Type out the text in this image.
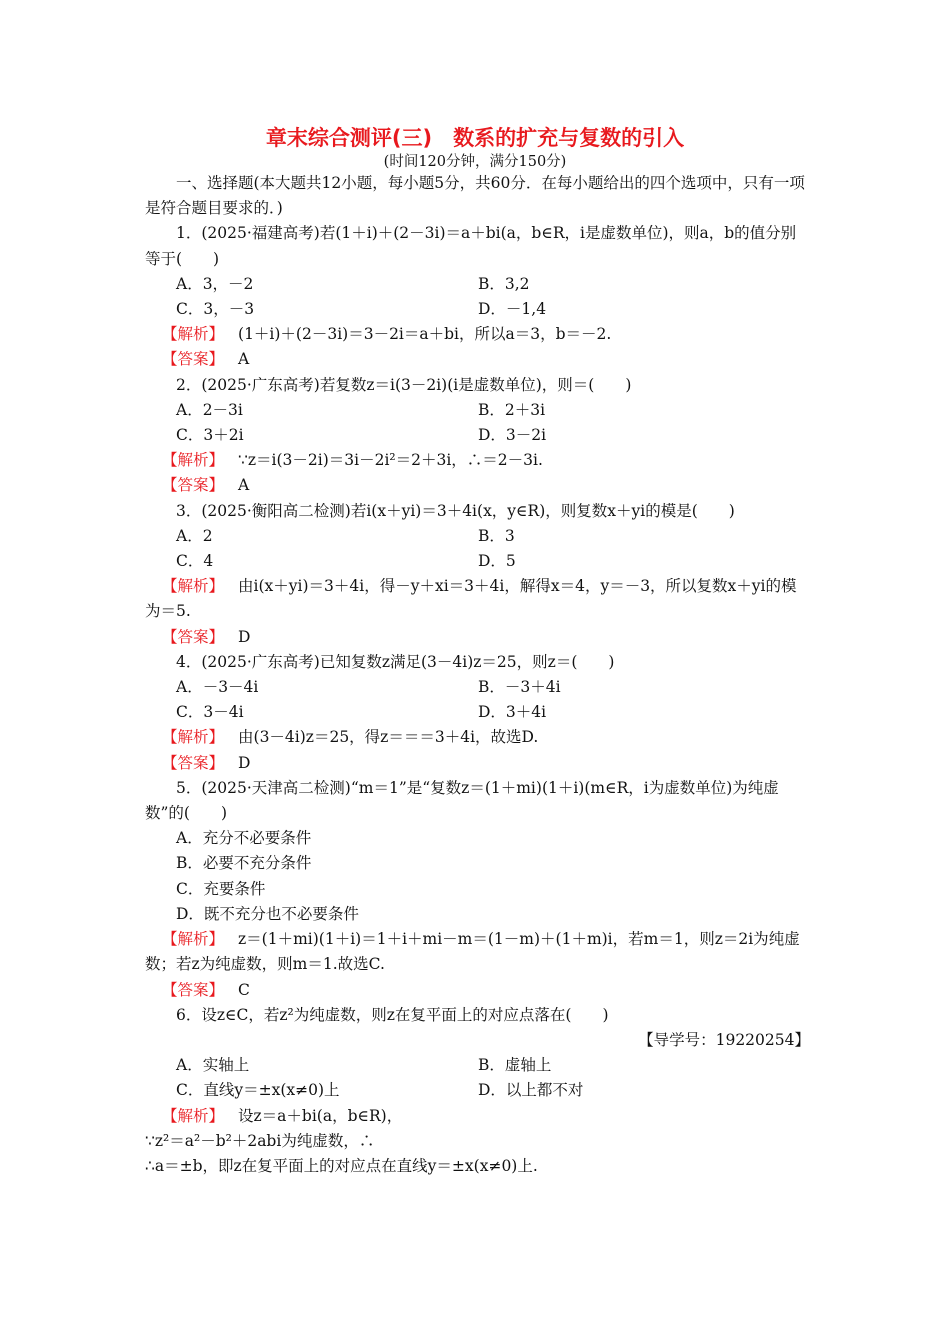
章末综合测评(三)　数系的扩充与复数的引入
(时间120分钟，满分150分)

一、选择题(本大题共12小题，每小题5分，共60分．在每小题给出的四个选项中，只有一项是符合题目要求的．)

1．(2025·福建高考)若(1＋i)＋(2－3i)＝a＋bi(a，b∈R，i是虚数单位)，则a，b的值分别等于(　　)

A．3，－2	B．3,2
C．3，－3	D．－1,4

【解析】 (1＋i)＋(2－3i)＝3－2i＝a＋bi，所以a＝3，b＝－2.

【答案】 A

2．(2025·广东高考)若复数z＝i(3－2i)(i是虚数单位)，则＝(　　)

A．2－3i	B．2＋3i
C．3＋2i	D．3－2i

【解析】 ∵z＝i(3－2i)＝3i－2i²＝2＋3i，∴＝2－3i.

【答案】 A

3．(2025·衡阳高二检测)若i(x＋yi)＝3＋4i(x，y∈R)，则复数x＋yi的模是(　　)

A．2	B．3
C．4	D．5

【解析】 由i(x＋yi)＝3＋4i，得－y＋xi＝3＋4i，解得x＝4，y＝－3，所以复数x＋yi的模为＝5.

【答案】 D

4．(2025·广东高考)已知复数z满足(3－4i)z＝25，则z＝(　　)

A．－3－4i	B．－3＋4i
C．3－4i	D．3＋4i

【解析】 由(3－4i)z＝25，得z＝＝＝3＋4i，故选D.

【答案】 D

5．(2025·天津高二检测)“m＝1”是“复数z＝(1＋mi)(1＋i)(m∈R，i为虚数单位)为纯虚数”的(　　)

A．充分不必要条件

B．必要不充分条件

C．充要条件

D．既不充分也不必要条件

【解析】 z＝(1＋mi)(1＋i)＝1＋i＋mi－m＝(1－m)＋(1＋m)i，若m＝1，则z＝2i为纯虚数；若z为纯虚数，则m＝1.故选C.

【答案】 C

6．设z∈C，若z²为纯虚数，则z在复平面上的对应点落在(　　)

【导学号：19220254】

A．实轴上	B．虚轴上
C．直线y＝±x(x≠0)上	D．以上都不对

【解析】 设z＝a＋bi(a，b∈R)，

∵z²＝a²－b²＋2abi为纯虚数，∴

∴a＝±b，即z在复平面上的对应点在直线y＝±x(x≠0)上.
